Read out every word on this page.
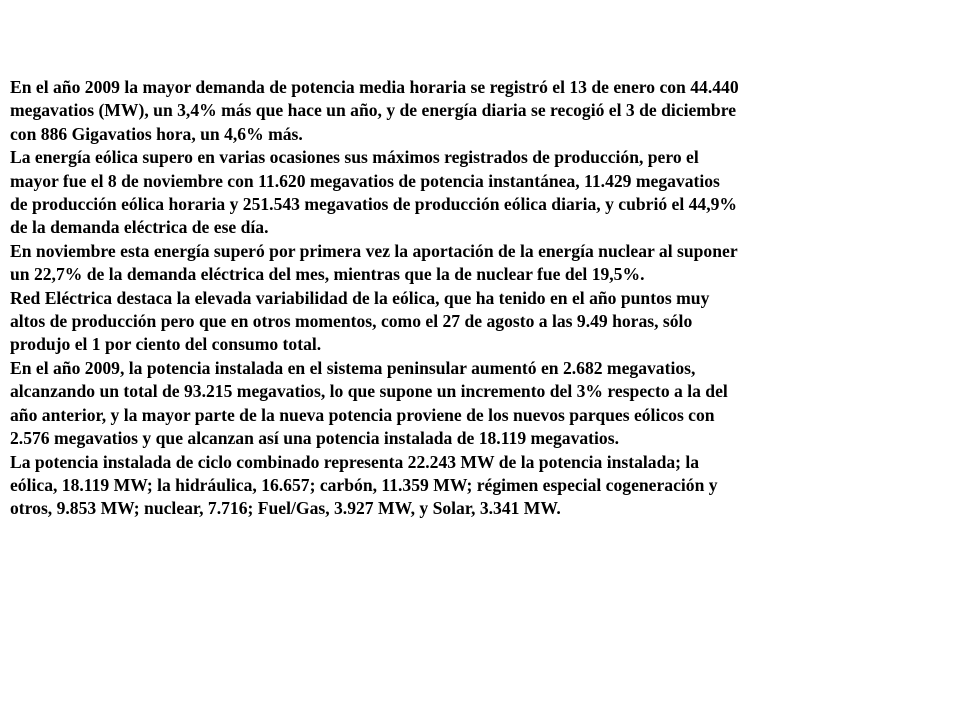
En el año 2009 la mayor demanda de potencia media horaria se registró el 13 de enero con 44.440
megavatios (MW), un 3,4% más que hace un año, y de energía diaria se recogió el 3 de diciembre
con 886 Gigavatios hora, un 4,6% más.

La energía eólica supero en varias ocasiones sus máximos registrados de producción, pero el
mayor fue el 8 de noviembre con 11.620 megavatios de potencia instantánea, 11.429 megavatios
de producción eólica horaria y 251.543 megavatios de producción eólica diaria, y cubrió el 44,9%
de la demanda eléctrica de ese día.

En noviembre esta energía superó por primera vez la aportación de la energía nuclear al suponer
un 22,7% de la demanda eléctrica del mes, mientras que la de nuclear fue del 19,5%.

Red Eléctrica destaca la elevada variabilidad de la eólica, que ha tenido en el año puntos muy
altos de producción pero que en otros momentos, como el 27 de agosto a las 9.49 horas, sólo
produjo el 1 por ciento del consumo total.

En el año 2009, la potencia instalada en el sistema peninsular aumentó en 2.682 megavatios,
alcanzando un total de 93.215 megavatios, lo que supone un incremento del 3% respecto a la del
año anterior, y la mayor parte de la nueva potencia proviene de los nuevos parques eólicos con
2.576 megavatios y que alcanzan así una potencia instalada de 18.119 megavatios.

La potencia instalada de ciclo combinado representa 22.243 MW de la potencia instalada; la
eólica, 18.119 MW; la hidráulica, 16.657; carbón, 11.359 MW; régimen especial cogeneración y
otros, 9.853 MW; nuclear, 7.716; Fuel/Gas, 3.927 MW, y Solar, 3.341 MW.
